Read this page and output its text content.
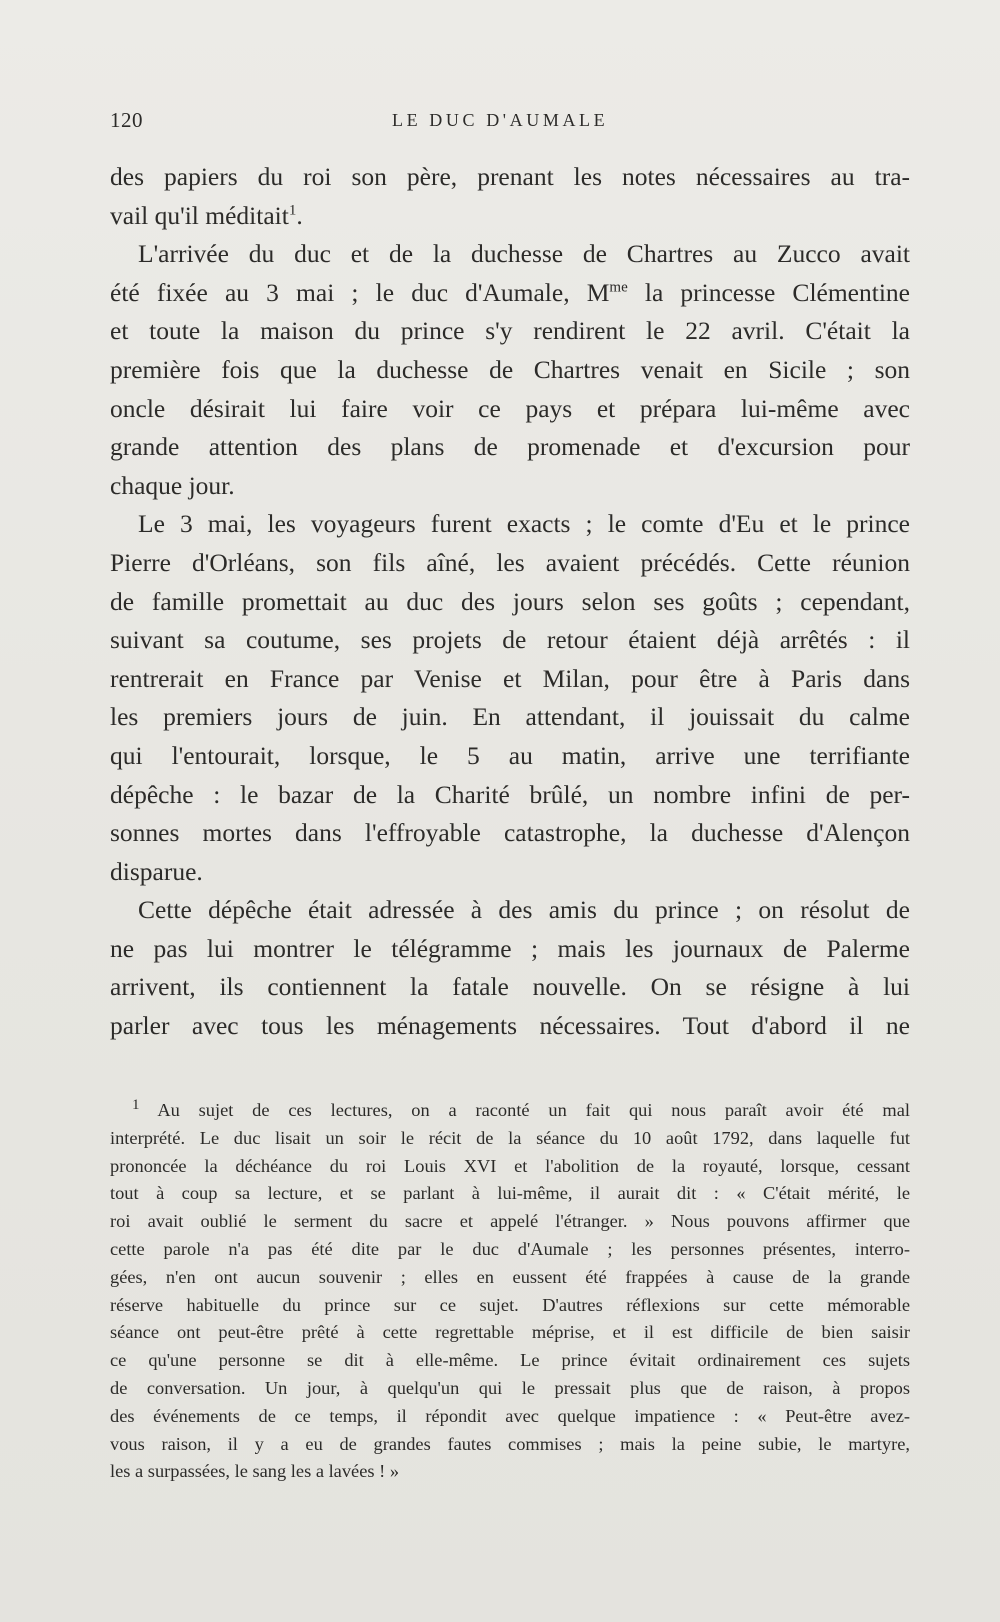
120	LE DUC D'AUMALE

des papiers du roi son père, prenant les notes nécessaires au tra-
vail qu'il méditait$^1$.
L'arrivée du duc et de la duchesse de Chartres au Zucco avait
été fixée au 3 mai ; le duc d'Aumale, $M^{me}$ la princesse Clémentine
et toute la maison du prince s'y rendirent le 22 avril. C'était la
première fois que la duchesse de Chartres venait en Sicile ; son
oncle désirait lui faire voir ce pays et prépara lui-même avec
grande attention des plans de promenade et d'excursion pour
chaque jour.

Le 3 mai, les voyageurs furent exacts ; le comte d'Eu et le prince
Pierre d'Orléans, son fils aîné, les avaient précédés. Cette réunion
de famille promettait au duc des jours selon ses goûts ; cependant,
suivant sa coutume, ses projets de retour étaient déjà arrêtés : il
rentrerait en France par Venise et Milan, pour être à Paris dans
les premiers jours de juin. En attendant, il jouissait du calme
qui l'entourait, lorsque, le 5 au matin, arrive une terrifiante
dépêche : le bazar de la Charité brûlé, un nombre infini de per-
sonnes mortes dans l'effroyable catastrophe, la duchesse d'Alençon
disparue.

Cette dépêche était adressée à des amis du prince ; on résolut de
ne pas lui montrer le télégramme ; mais les journaux de Palerme
arrivent, ils contiennent la fatale nouvelle. On se résigne à lui
parler avec tous les ménagements nécessaires. Tout d'abord il ne

$^1$ Au sujet de ces lectures, on a raconté un fait qui nous paraît avoir été mal
interprété. Le duc lisait un soir le récit de la séance du 10 août 1792, dans laquelle fut
prononcée la déchéance du roi Louis XVI et l'abolition de la royauté, lorsque, cessant
tout à coup sa lecture, et se parlant à lui-même, il aurait dit : « C'était mérité, le
roi avait oublié le serment du sacre et appelé l'étranger. » Nous pouvons affirmer que
cette parole n'a pas été dite par le duc d'Aumale ; les personnes présentes, interro-
gées, n'en ont aucun souvenir ; elles en eussent été frappées à cause de la grande
réserve habituelle du prince sur ce sujet. D'autres réflexions sur cette mémorable
séance ont peut-être prêté à cette regrettable méprise, et il est difficile de bien saisir
ce qu'une personne se dit à elle-même. Le prince évitait ordinairement ces sujets
de conversation. Un jour, à quelqu'un qui le pressait plus que de raison, à propos
des événements de ce temps, il répondit avec quelque impatience : « Peut-être avez-
vous raison, il y a eu de grandes fautes commises ; mais la peine subie, le martyre,
les a surpassées, le sang les a lavées ! »
